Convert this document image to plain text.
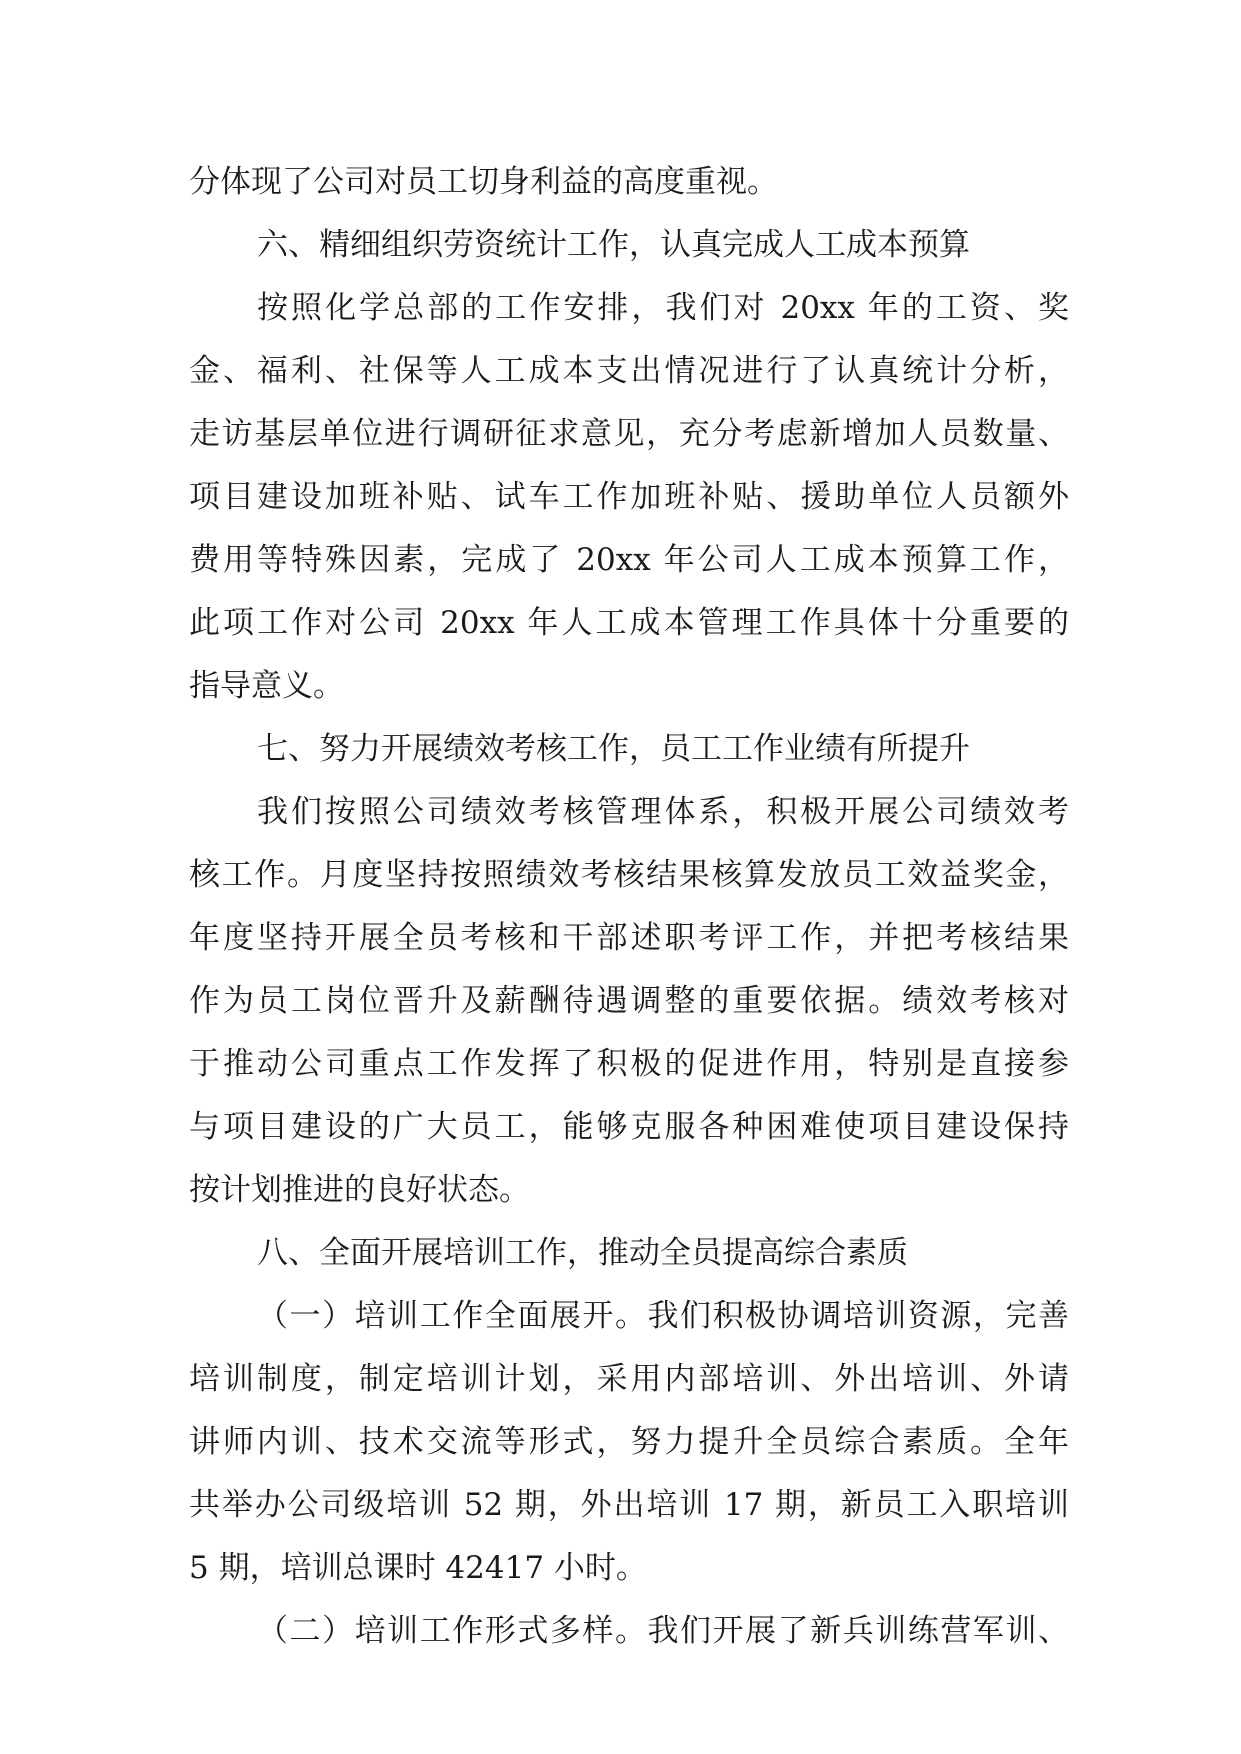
分体现了公司对员工切身利益的高度重视。
六、精细组织劳资统计工作，认真完成人工成本预算
按照化学总部的工作安排，我们对 20xx 年的工资、奖
金、福利、社保等人工成本支出情况进行了认真统计分析，
走访基层单位进行调研征求意见，充分考虑新增加人员数量、
项目建设加班补贴、试车工作加班补贴、援助单位人员额外
费用等特殊因素，完成了 20xx 年公司人工成本预算工作，
此项工作对公司 20xx 年人工成本管理工作具体十分重要的
指导意义。
七、努力开展绩效考核工作，员工工作业绩有所提升
我们按照公司绩效考核管理体系，积极开展公司绩效考
核工作。月度坚持按照绩效考核结果核算发放员工效益奖金，
年度坚持开展全员考核和干部述职考评工作，并把考核结果
作为员工岗位晋升及薪酬待遇调整的重要依据。绩效考核对
于推动公司重点工作发挥了积极的促进作用，特别是直接参
与项目建设的广大员工，能够克服各种困难使项目建设保持
按计划推进的良好状态。
八、全面开展培训工作，推动全员提高综合素质
（一）培训工作全面展开。我们积极协调培训资源，完善
培训制度，制定培训计划，采用内部培训、外出培训、外请
讲师内训、技术交流等形式，努力提升全员综合素质。全年
共举办公司级培训 52 期，外出培训 17 期，新员工入职培训
5 期，培训总课时 42417 小时。
（二）培训工作形式多样。我们开展了新兵训练营军训、
